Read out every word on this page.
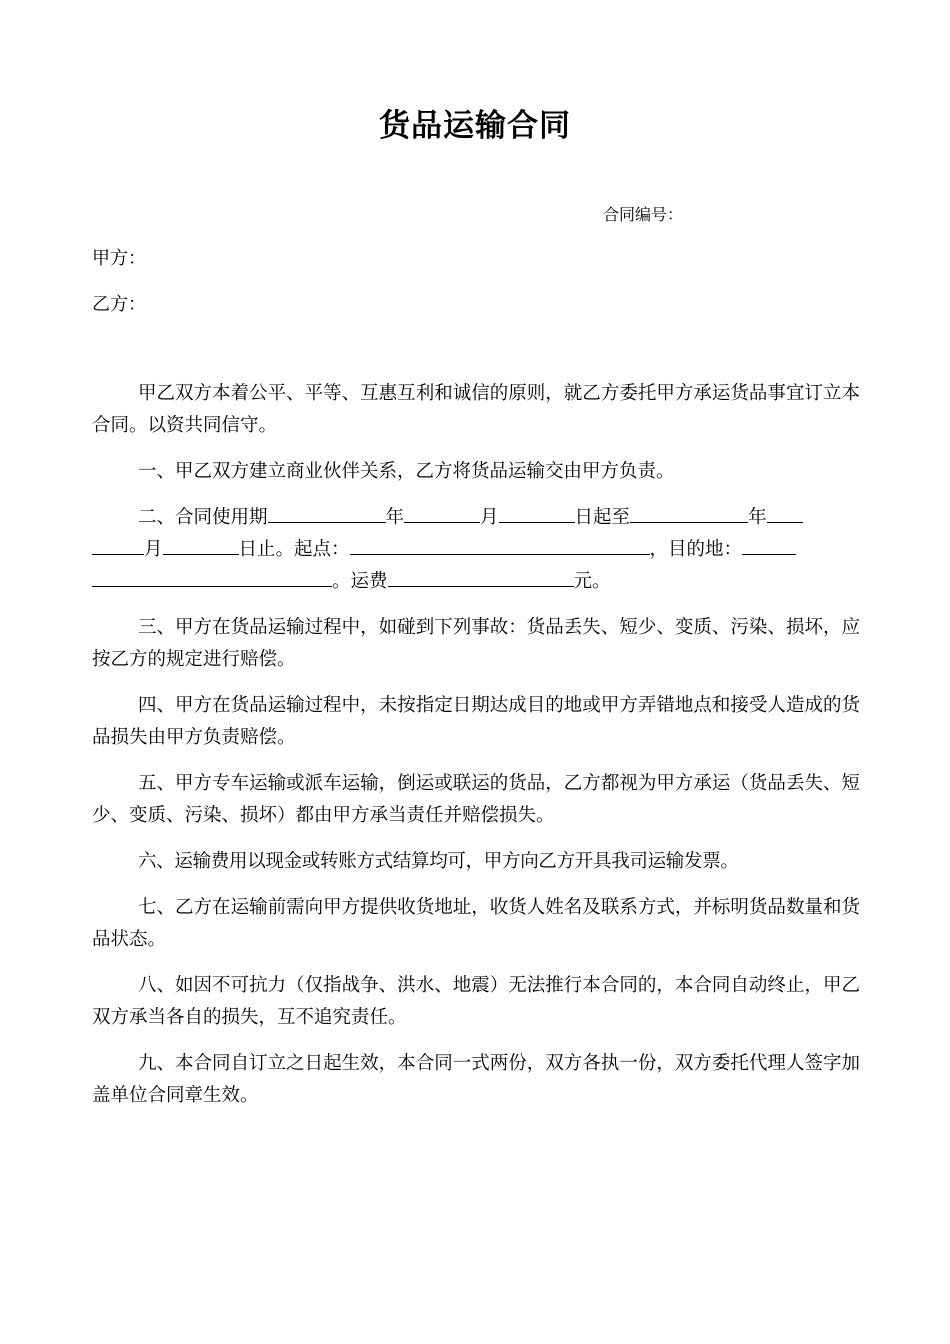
货品运输合同
合同编号：
甲方：
乙方：

甲乙双方本着公平、平等、互惠互利和诚信的原则，就乙方委托甲方承运货品事宜订立本合同。以资共同信守。

一、甲乙双方建立商业伙伴关系，乙方将货品运输交由甲方负责。

二、合同使用期	年	月	日起至	年
月	日止。起点：	，目的地：
。运费	元。

三、甲方在货品运输过程中，如碰到下列事故：货品丢失、短少、变质、污染、损坏，应按乙方的规定进行赔偿。

四、甲方在货品运输过程中，未按指定日期达成目的地或甲方弄错地点和接受人造成的货品损失由甲方负责赔偿。

五、甲方专车运输或派车运输，倒运或联运的货品，乙方都视为甲方承运（货品丢失、短少、变质、污染、损坏）都由甲方承当责任并赔偿损失。

六、运输费用以现金或转账方式结算均可，甲方向乙方开具我司运输发票。

七、乙方在运输前需向甲方提供收货地址，收货人姓名及联系方式，并标明货品数量和货品状态。

八、如因不可抗力（仅指战争、洪水、地震）无法推行本合同的，本合同自动终止，甲乙双方承当各自的损失，互不追究责任。

九、本合同自订立之日起生效，本合同一式两份，双方各执一份，双方委托代理人签字加盖单位合同章生效。
